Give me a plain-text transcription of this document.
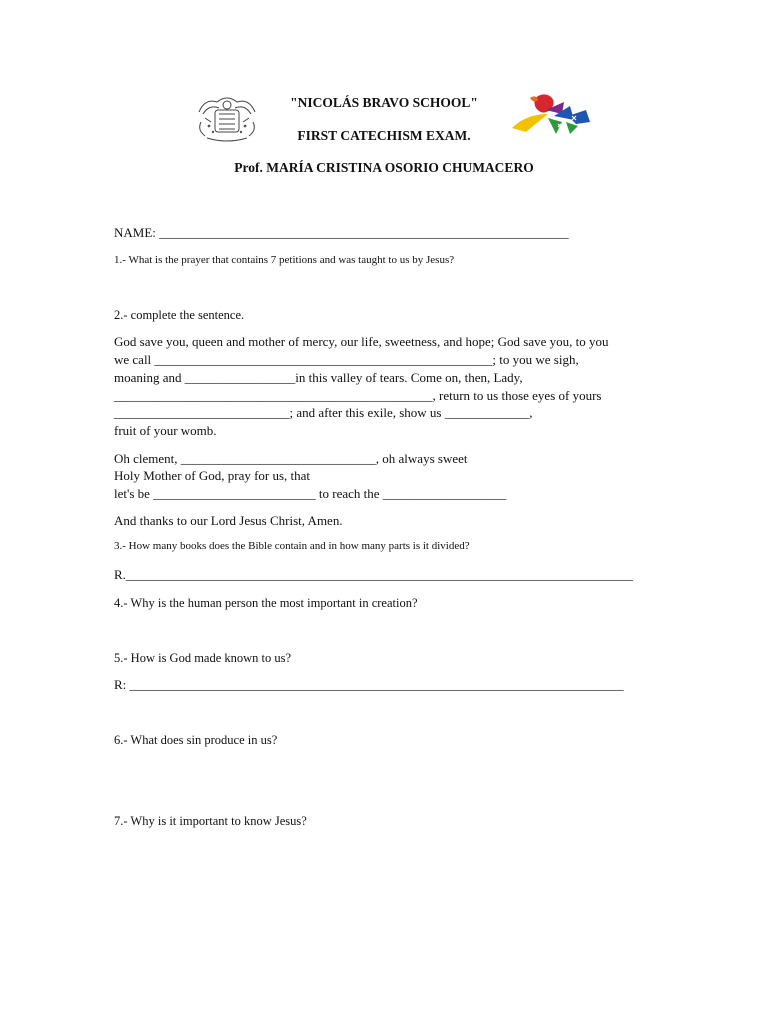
"NICOLÁS BRAVO SCHOOL"
FIRST CATECHISM EXAM.
Prof. MARÍA CRISTINA OSORIO CHUMACERO
NAME: _______________________________________________________________
1.- What is the prayer that contains 7 petitions and was taught to us by Jesus?
2.- complete the sentence.
God save you, queen and mother of mercy, our life, sweetness, and hope; God save you, to you
we call ____________________________________________________; to you we sigh,
moaning and _________________in this valley of tears. Come on, then, Lady,
_________________________________________________, return to us those eyes of yours
___________________________; and after this exile, show us _____________,
fruit of your womb.
Oh clement, ______________________________, oh always sweet
Holy Mother of God, pray for us, that
let's be _________________________ to reach the ___________________
And thanks to our Lord Jesus Christ, Amen.
3.- How many books does the Bible contain and in how many parts is it divided?
R.______________________________________________________________________________
4.- Why is the human person the most important in creation?
5.- How is God made known to us?
R: ____________________________________________________________________________
6.- What does sin produce in us?
7.- Why is it important to know Jesus?
